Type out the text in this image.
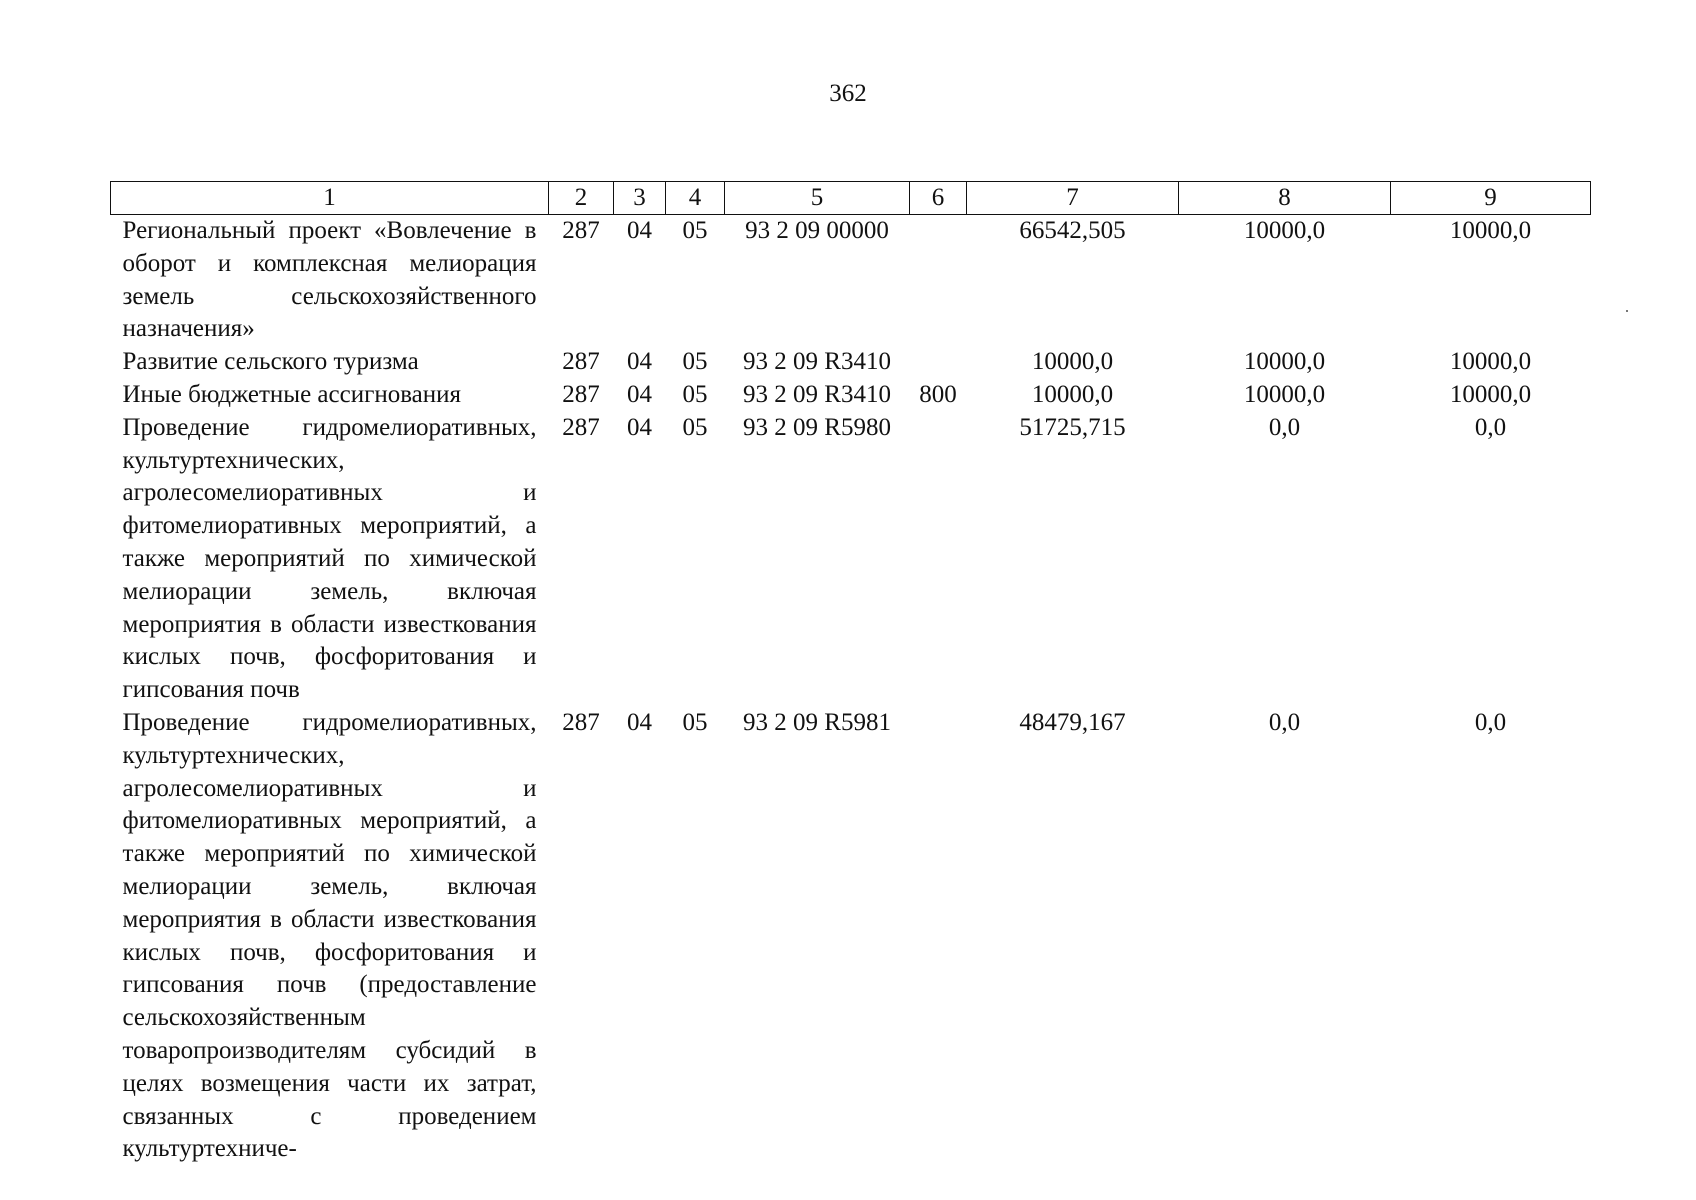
362
1	2	3	4	5	6	7	8	9
Региональный проект «Вовлечение в оборот и комплексная мелиорация земель сельскохозяйственного назначения»	287	04	05	93 2 09 00000		66542,505	10000,0	10000,0
Развитие сельского туризма	287	04	05	93 2 09 R3410		10000,0	10000,0	10000,0
Иные бюджетные ассигнования	287	04	05	93 2 09 R3410	800	10000,0	10000,0	10000,0
Проведение гидромелиоративных, культуртехнических, агролесомелиоративных и фитомелиоративных мероприятий, а также мероприятий по химической мелиорации земель, включая мероприятия в области известкования кислых почв, фосфоритования и гипсования почв	287	04	05	93 2 09 R5980		51725,715	0,0	0,0
Проведение гидромелиоративных, культуртехнических, агролесомелиоративных и фитомелиоративных мероприятий, а также мероприятий по химической мелиорации земель, включая мероприятия в области известкования кислых почв, фосфоритования и гипсования почв (предоставление сельскохозяйственным товаропроизводителям субсидий в целях возмещения части их затрат, связанных с проведением культуртехниче-	287	04	05	93 2 09 R5981		48479,167	0,0	0,0
